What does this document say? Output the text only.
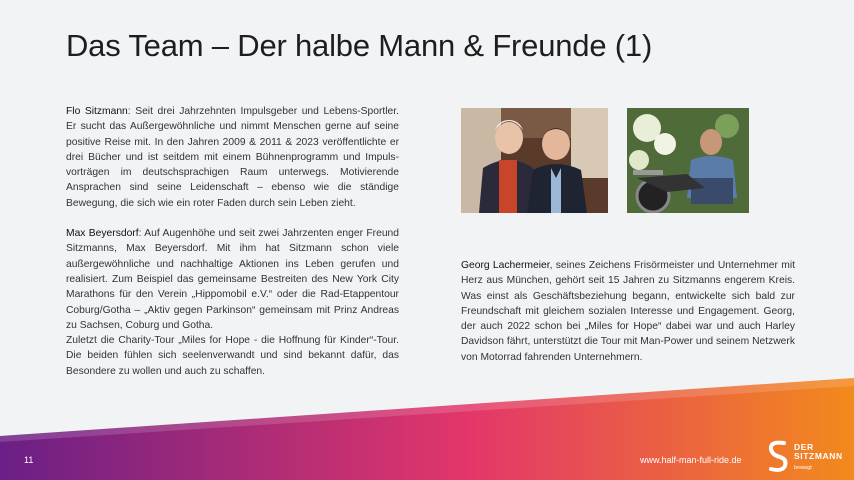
Das Team – Der halbe Mann & Freunde (1)

Flo Sitzmann: Seit drei Jahrzehnten Impulsgeber und Lebens-Sportler. Er sucht das Außergewöhnliche und nimmt Menschen gerne auf seine positive Reise mit. In den Jahren 2009 & 2011 & 2023 veröffentlichte er drei Bücher und ist seitdem mit einem Bühnenprogramm und Impuls-vorträgen im deutschsprachigen Raum unterwegs. Motivierende Ansprachen sind seine Leidenschaft – ebenso wie die ständige Bewegung, die sich wie ein roter Faden durch sein Leben zieht.

Max Beyersdorf: Auf Augenhöhe und seit zwei Jahrzenten enger Freund Sitzmanns, Max Beyersdorf. Mit ihm hat Sitzmann schon viele außergewöhnliche und nachhaltige Aktionen ins Leben gerufen und realisiert. Zum Beispiel das gemeinsame Bestreiten des New York City Marathons für den Verein „Hippomobil e.V.“ oder die Rad-Etappentour Coburg/Gotha – „Aktiv gegen Parkinson“ gemeinsam mit Prinz Andreas zu Sachsen, Coburg und Gotha.

Zuletzt die Charity-Tour „Miles for Hope - die Hoffnung für Kinder“-Tour. Die beiden fühlen sich seelenverwandt und sind bekannt dafür, das Besondere zu wollen und auch zu schaffen.

Georg Lachermeier, seines Zeichens Frisörmeister und Unternehmer mit Herz aus München, gehört seit 15 Jahren zu Sitzmanns engerem Kreis. Was einst als Geschäftsbeziehung begann, entwickelte sich bald zur Freundschaft mit gleichem sozialen Interesse und Engagement. Georg, der auch 2022 schon bei „Miles for Hope“ dabei war und auch Harley Davidson fährt, unterstützt die Tour mit Man-Power und seinem Netzwerk von Motorrad fahrenden Unternehmern.

11	www.half-man-full-ride.de
DER
SITZMANN
bewegt
